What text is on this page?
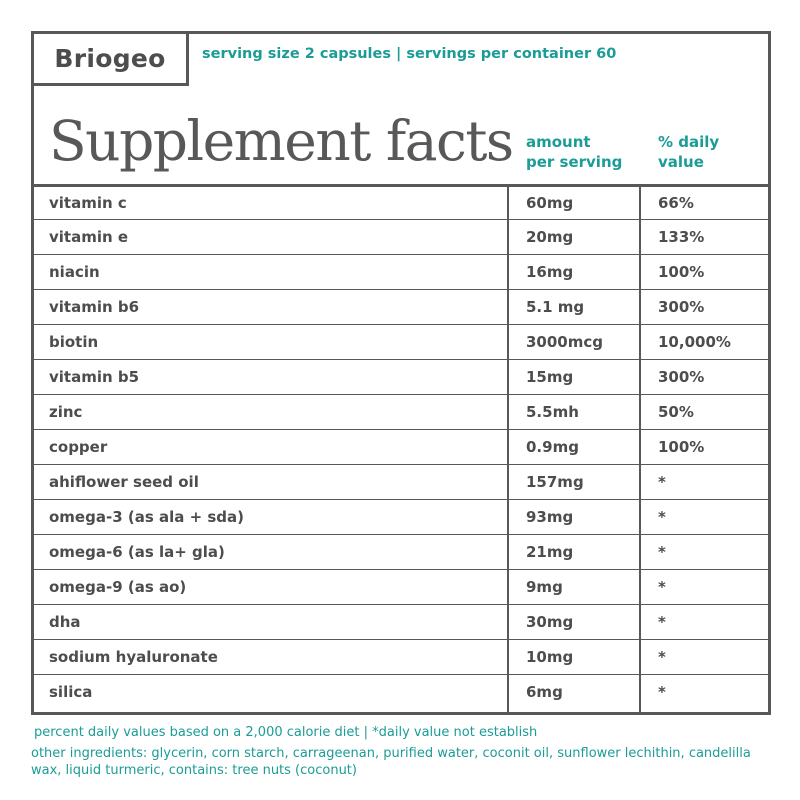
Briogeo	serving size 2 capsules | servings per container 60
Supplement facts amount
per serving
% daily
value
vitamin c	60mg	66%
vitamin e	20mg	133%
niacin	16mg	100%
vitamin b6	5.1 mg	300%
biotin	3000mcg	10,000%
vitamin b5	15mg	300%
zinc	5.5mh	50%
copper	0.9mg	100%
ahiflower seed oil	157mg	*
omega-3 (as ala + sda)	93mg	*
omega-6 (as la+ gla)	21mg	*
omega-9 (as ao)	9mg	*
dha	30mg	*
sodium hyaluronate	10mg	*
silica	6mg	*
percent daily values based on a 2,000 calorie diet | *daily value not establish
other ingredients: glycerin, corn starch, carrageenan, purified water, coconit oil, sunflower lechithin, candelilla wax, liquid turmeric, contains: tree nuts (coconut)
